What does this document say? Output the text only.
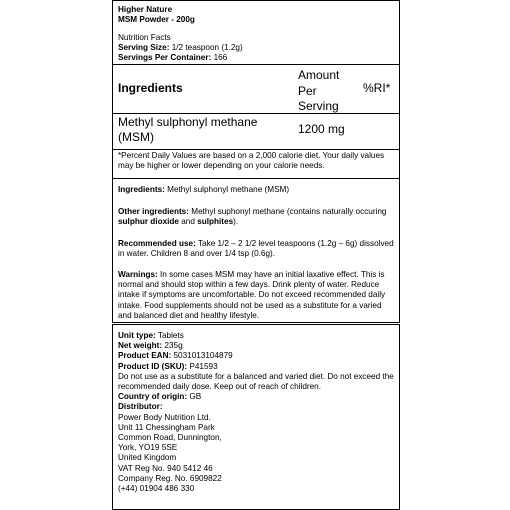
Higher Nature
MSM Powder - 200g
Nutrition Facts
Serving Size: 1/2 teaspoon (1.2g)
Servings Per Container: 166
Ingredients
Amount Per Serving
%RI*
Methyl sulphonyl methane (MSM)
1200 mg
*Percent Daily Values are based on a 2,000 calorie diet. Your daily values may be higher or lower depending on your calorie needs.
Ingredients: Methyl sulphonyl methane (MSM)
Other ingredients: Methyl suphonyl methane (contains naturally occuring sulphur dioxide and sulphites).
Recommended use: Take 1/2 – 2 1/2 level teaspoons (1.2g – 6g) dissolved in water. Children 8 and over 1/4 tsp (0.6g).
Warnings: In some cases MSM may have an initial laxative effect. This is normal and should stop within a few days. Drink plenty of water. Reduce intake if symptoms are uncomfortable. Do not exceed recommended daily intake. Food supplements should not be used as a substitute for a varied and balanced diet and healthy lifestyle.
Unit type: Tablets
Net weight: 235g
Product EAN: 5031013104879
Product ID (SKU): P41593
Do not use as a substitute for a balanced and varied diet. Do not exceed the recommended daily dose. Keep out of reach of children.
Country of origin: GB
Distributor:
Power Body Nutrition Ltd.
Unit 11 Chessingham Park
Common Road, Dunnington,
York, YO19 5SE
United Kingdom
VAT Reg No. 940 5412 46
Company Reg. No. 6909822
(+44) 01904 486 330
